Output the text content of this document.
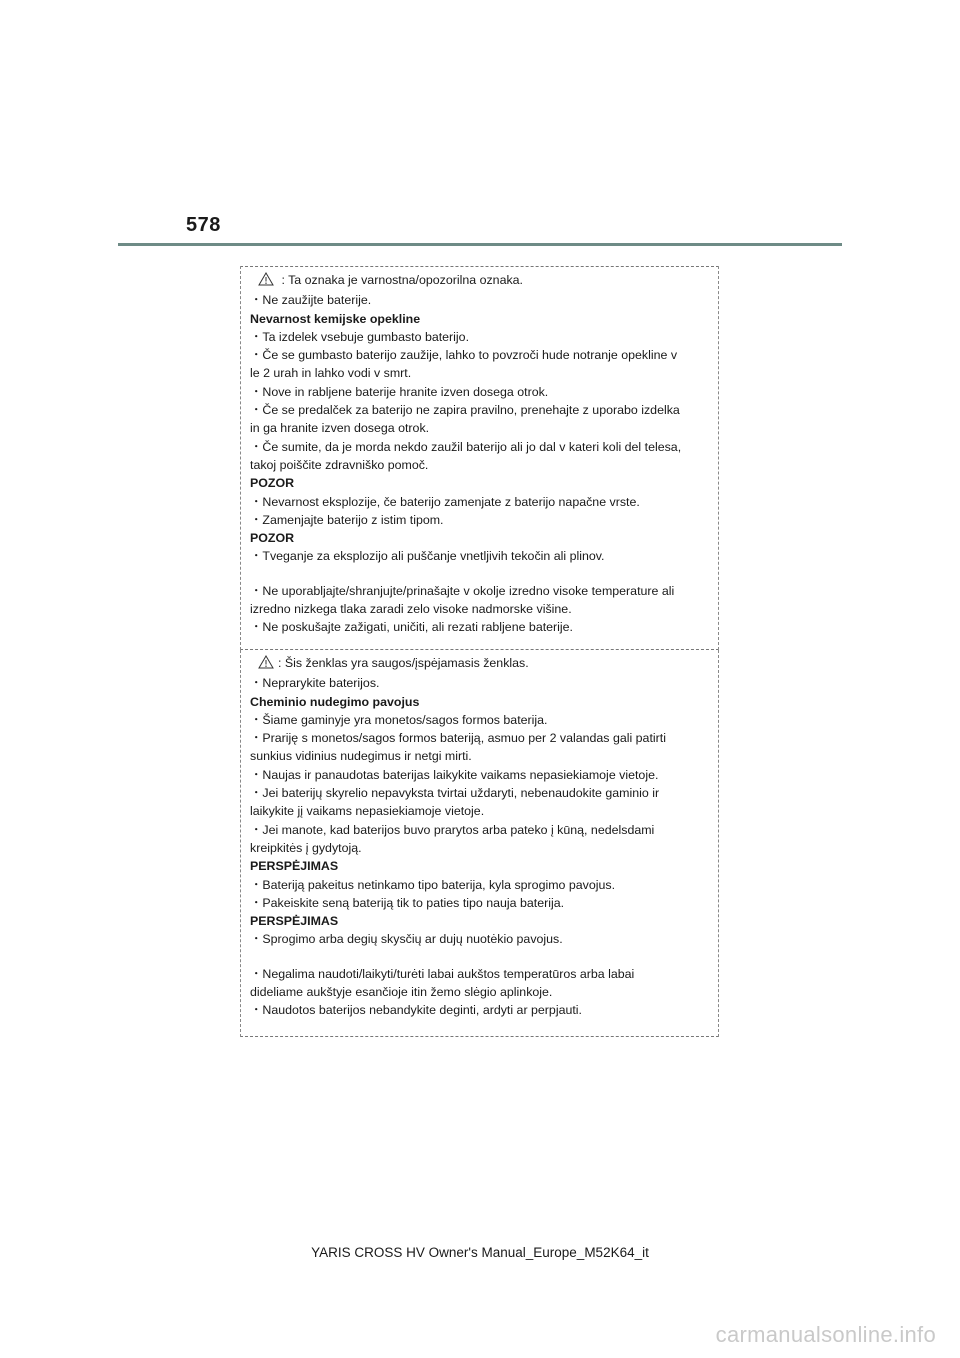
578
: Ta oznaka je varnostna/opozorilna oznaka.
・Ne zaužijte baterije.
Nevarnost kemijske opekline
・Ta izdelek vsebuje gumbasto baterijo.
・Če se gumbasto baterijo zaužije, lahko to povzroči hude notranje opekline v
le 2 urah in lahko vodi v smrt.
・Nove in rabljene baterije hranite izven dosega otrok.
・Če se predalček za baterijo ne zapira pravilno, prenehajte z uporabo izdelka
in ga hranite izven dosega otrok.
・Če sumite, da je morda nekdo zaužil baterijo ali jo dal v kateri koli del telesa,
takoj poiščite zdravniško pomoč.
POZOR
・Nevarnost eksplozije, če baterijo zamenjate z baterijo napačne vrste.
・Zamenjajte baterijo z istim tipom.
POZOR
・Tveganje za eksplozijo ali puščanje vnetljivih tekočin ali plinov.
・Ne uporabljajte/shranjujte/prinašajte v okolje izredno visoke temperature ali
izredno nizkega tlaka zaradi zelo visoke nadmorske višine.
・Ne poskušajte zažigati, uničiti, ali rezati rabljene baterije.
: Šis ženklas yra saugos/įspėjamasis ženklas.
・Neprarykite baterijos.
Cheminio nudegimo pavojus
・Šiame gaminyje yra monetos/sagos formos baterija.
・Prariję s monetos/sagos formos bateriją, asmuo per 2 valandas gali patirti
sunkius vidinius nudegimus ir netgi mirti.
・Naujas ir panaudotas baterijas laikykite vaikams nepasiekiamoje vietoje.
・Jei baterijų skyrelio nepavyksta tvirtai uždaryti, nebenaudokite gaminio ir
laikykite jį vaikams nepasiekiamoje vietoje.
・Jei manote, kad baterijos buvo prarytos arba pateko į kūną, nedelsdami
kreipkitės į gydytoją.
PERSPĖJIMAS
・Bateriją pakeitus netinkamo tipo baterija, kyla sprogimo pavojus.
・Pakeiskite seną bateriją tik to paties tipo nauja baterija.
PERSPĖJIMAS
・Sprogimo arba degių skysčių ar dujų nuotėkio pavojus.
・Negalima naudoti/laikyti/turėti labai aukštos temperatūros arba labai
dideliame aukštyje esančioje itin žemo slėgio aplinkoje.
・Naudotos baterijos nebandykite deginti, ardyti ar perpjauti.
YARIS CROSS HV Owner's Manual_Europe_M52K64_it
carmanualsonline.info
